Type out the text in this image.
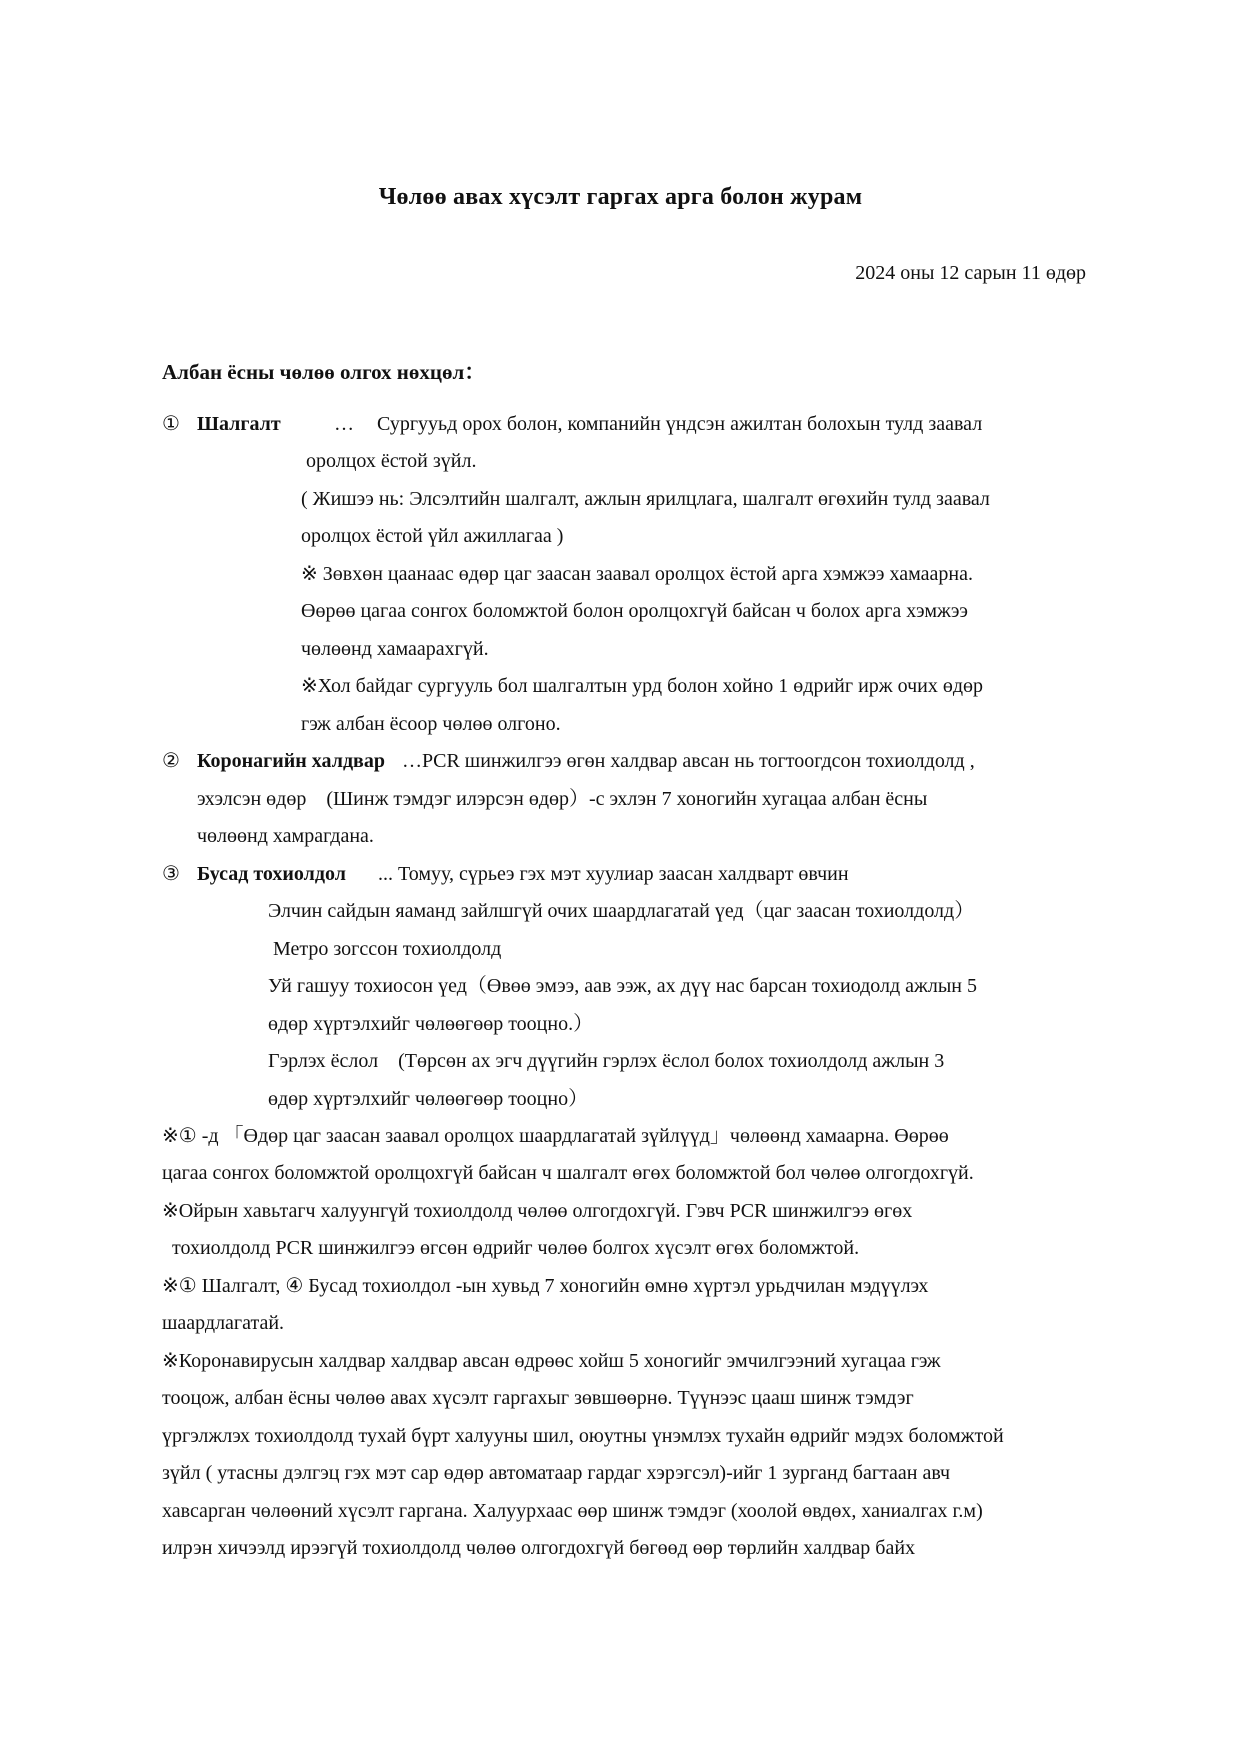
Чөлөө авах хүсэлт гаргах арга болон журам
2024 оны 12 сарын 11 өдөр
Албан ёсны чөлөө олгох нөхцөл：
① Шалгалт	… Сургууьд орох болон, компанийн үндсэн ажилтан болохын тулд заавал
оролцох ёстой зүйл.
( Жишээ нь: Элсэлтийн шалгалт, ажлын ярилцлага, шалгалт өгөхийн тулд заавал
оролцох ёстой үйл ажиллагаа )
※ Зөвхөн цаанаас өдөр цаг заасан заавал оролцох ёстой арга хэмжээ хамаарна.
Өөрөө цагаа сонгох боломжтой болон оролцохгүй байсан ч болох арга хэмжээ
чөлөөнд хамаарахгүй.
※Хол байдаг сургууль бол шалгалтын урд болон хойно 1 өдрийг ирж очих өдөр
гэж албан ёсоор чөлөө олгоно.
② Коронагийн халдвар …PCR шинжилгээ өгөн халдвар авсан нь тогтоогдсон тохиолдолд ,
эхэлсэн өдөр　(Шинж тэмдэг илэрсэн өдөр）-с эхлэн 7 хоногийн хугацаа албан ёсны
чөлөөнд хамрагдана.
③ Бусад тохиолдол ... Томуу, сүрьеэ гэх мэт хуулиар заасан халдварт өвчин
Элчин сайдын яаманд зайлшгүй очих шаардлагатай үед（цаг заасан тохиолдолд）
Метро зогссон тохиолдолд
Уй гашуу тохиосон үед（Өвөө эмээ, аав ээж, ах дүү нас барсан тохиодолд ажлын 5
өдөр хүртэлхийг чөлөөгөөр тооцно.）
Гэрлэх ёслол　(Төрсөн ах эгч дүүгийн гэрлэх ёслол болох тохиолдолд ажлын 3
өдөр хүртэлхийг чөлөөгөөр тооцно）
※① -д 「Өдөр цаг заасан заавал оролцох шаардлагатай зүйлүүд」чөлөөнд хамаарна. Өөрөө
цагаа сонгох боломжтой оролцохгүй байсан ч шалгалт өгөх боломжтой бол чөлөө олгогдохгүй.
※Ойрын хавьтагч халуунгүй тохиолдолд чөлөө олгогдохгүй. Гэвч PCR шинжилгээ өгөх
тохиолдолд PCR шинжилгээ өгсөн өдрийг чөлөө болгох хүсэлт өгөх боломжтой.
※① Шалгалт, ④ Бусад тохиолдол -ын хувьд 7 хоногийн өмнө хүртэл урьдчилан мэдүүлэх
шаардлагатай.
※Коронавирусын халдвар халдвар авсан өдрөөс хойш 5 хоногийг эмчилгээний хугацаа гэж
тооцож, албан ёсны чөлөө авах хүсэлт гаргахыг зөвшөөрнө. Түүнээс цааш шинж тэмдэг
үргэлжлэх тохиолдолд тухай бүрт халууны шил, оюутны үнэмлэх тухайн өдрийг мэдэх боломжтой
зүйл ( утасны дэлгэц гэх мэт сар өдөр автоматаар гардаг хэрэгсэл)-ийг 1 зурганд багтаан авч
хавсарган чөлөөний хүсэлт гаргана. Халуурхаас өөр шинж тэмдэг (хоолой өвдөх, ханиалгах г.м)
илрэн хичээлд ирээгүй тохиолдолд чөлөө олгогдохгүй бөгөөд өөр төрлийн халдвар байх
